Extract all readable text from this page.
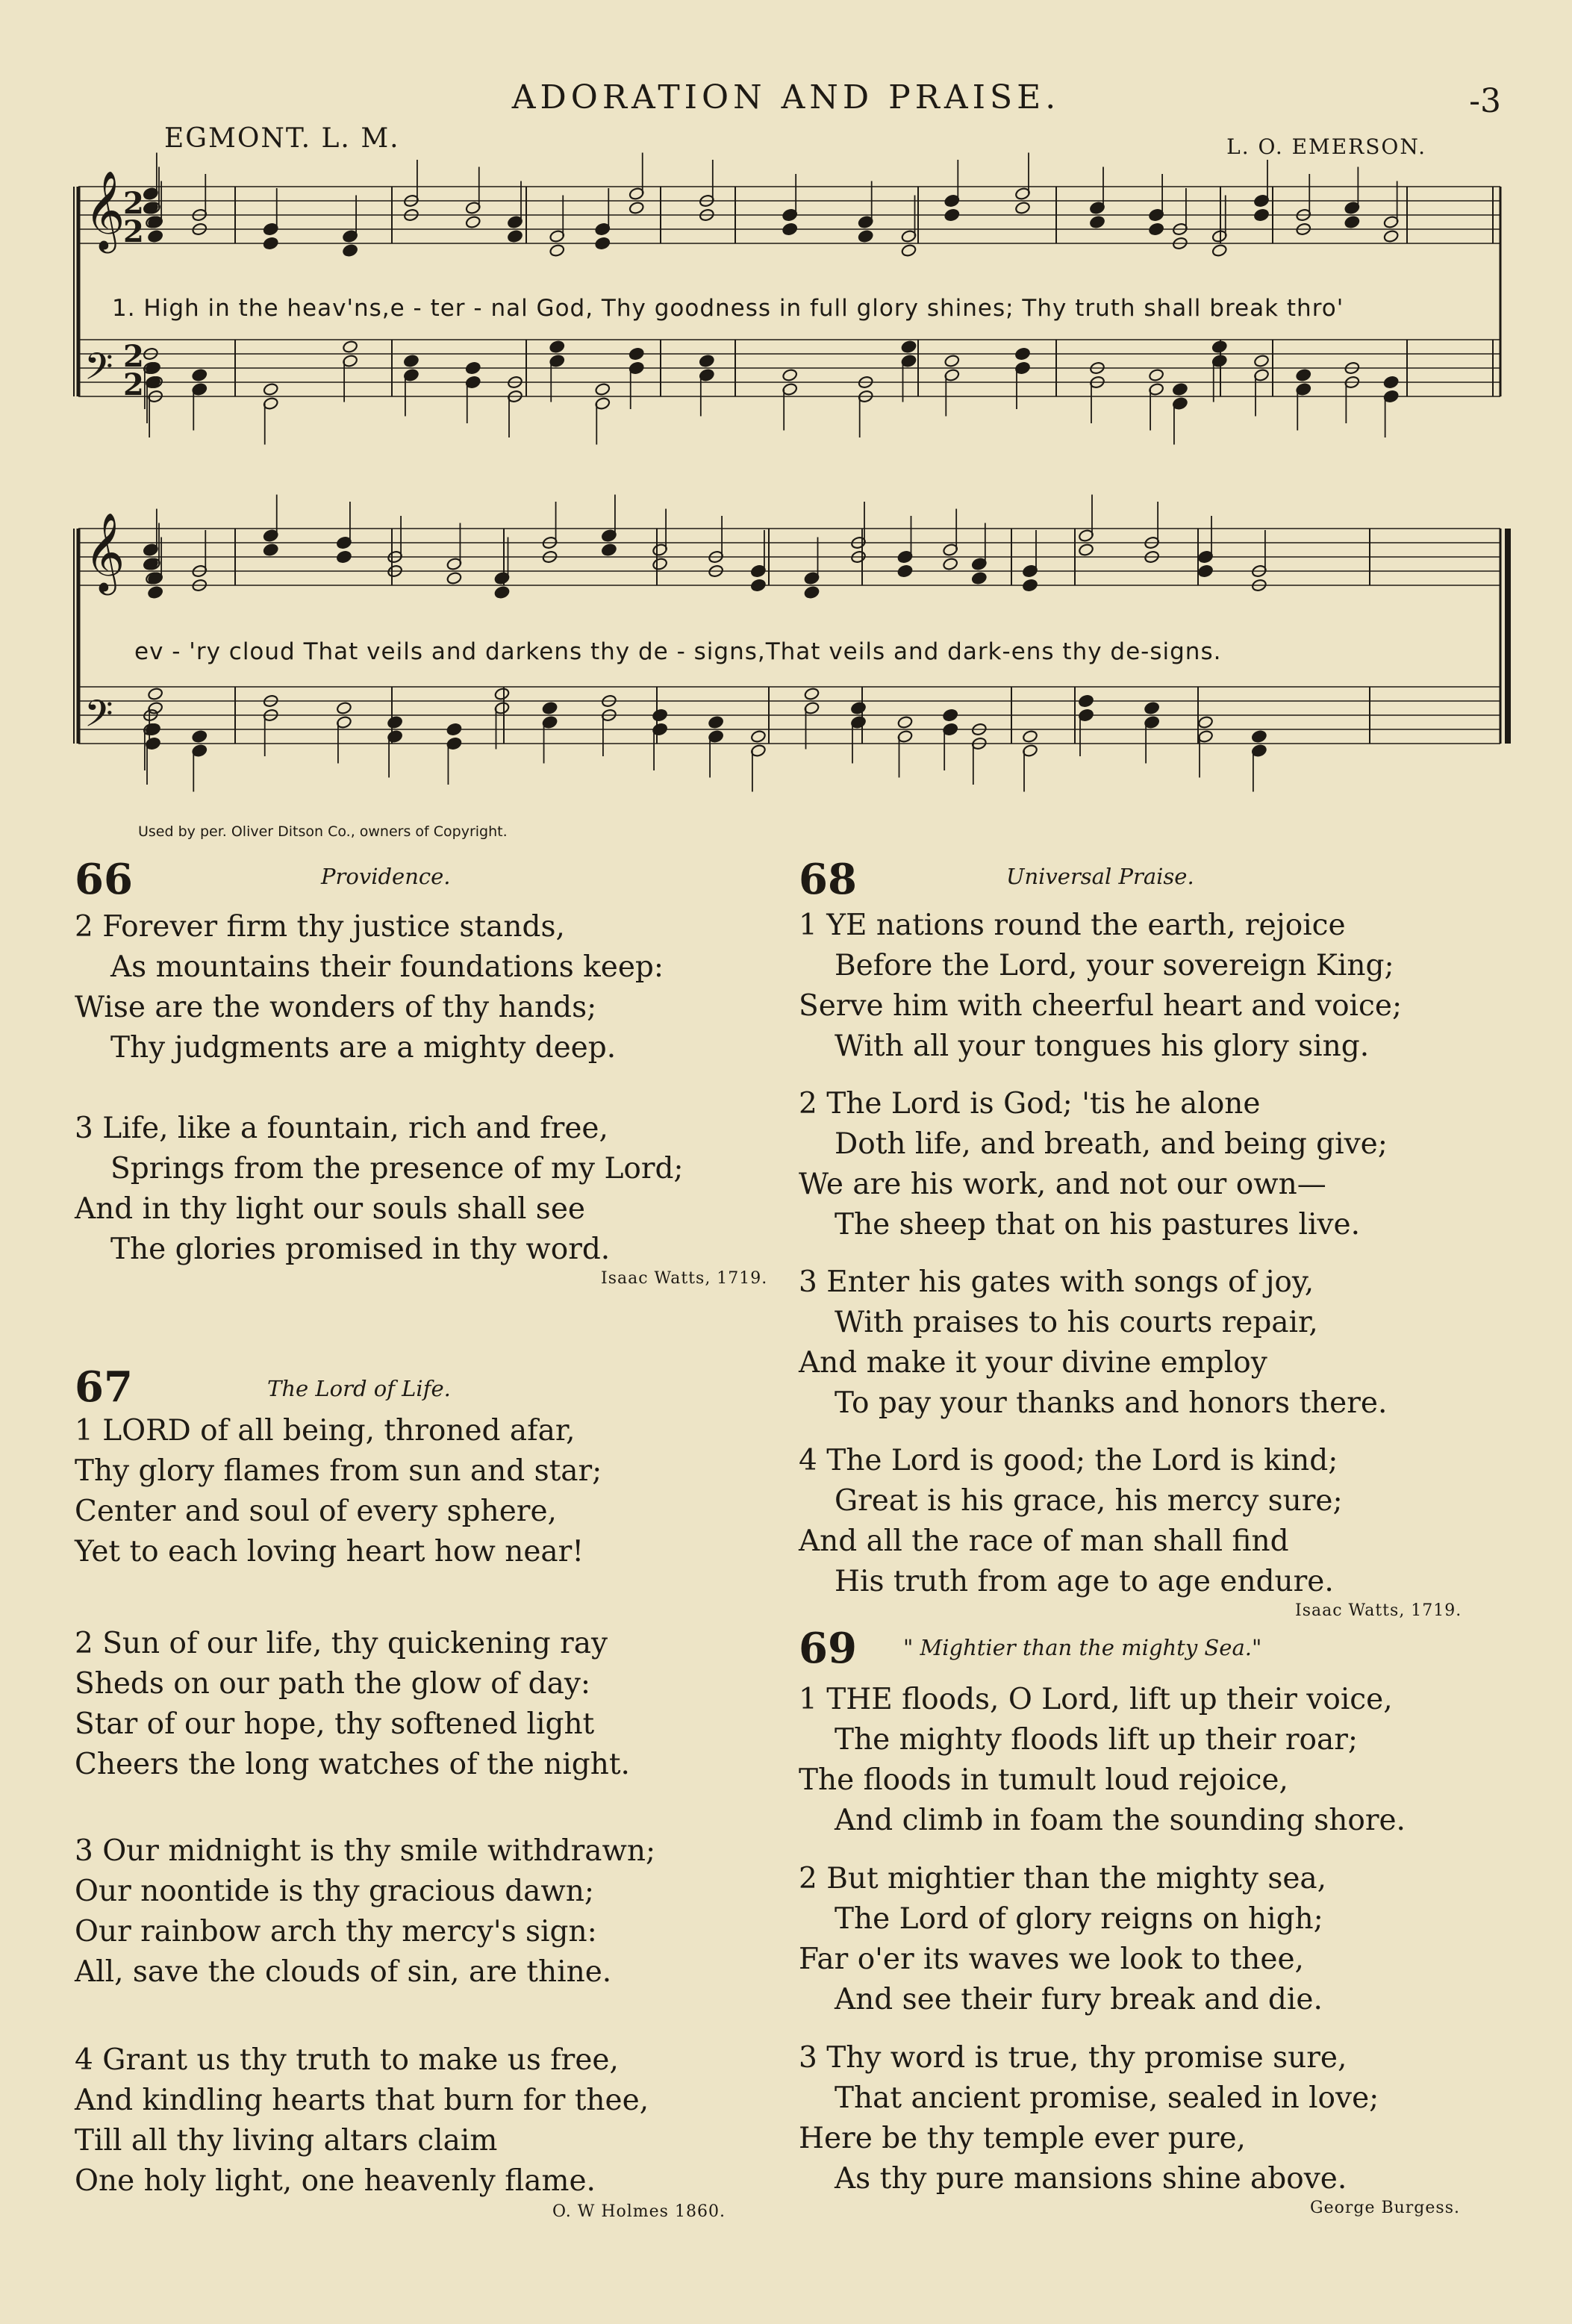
ADORATION AND PRAISE.	-3
EGMONT. L. M.	L. O. EMERSON.
𝄞
𝄢
𝄞
𝄢
2
2
2
2
1. High in the heav'ns,e - ter - nal God, Thy goodness in full glory shines; Thy truth shall break thro'
ev - 'ry cloud That veils and darkens thy de - signs,That veils and dark-ens thy de-signs.
Used by per. Oliver Ditson Co., owners of Copyright.
66	Providence.
2 Forever firm thy justice stands,
As mountains their foundations keep:
Wise are the wonders of thy hands;
Thy judgments are a mighty deep.
3 Life, like a fountain, rich and free,
Springs from the presence of my Lord;
And in thy light our souls shall see
The glories promised in thy word.
Isaac Watts, 1719.
67	The Lord of Life.
1 LORD of all being, throned afar,
Thy glory flames from sun and star;
Center and soul of every sphere,
Yet to each loving heart how near!
2 Sun of our life, thy quickening ray
Sheds on our path the glow of day:
Star of our hope, thy softened light
Cheers the long watches of the night.
3 Our midnight is thy smile withdrawn;
Our noontide is thy gracious dawn;
Our rainbow arch thy mercy's sign:
All, save the clouds of sin, are thine.
4 Grant us thy truth to make us free,
And kindling hearts that burn for thee,
Till all thy living altars claim
One holy light, one heavenly flame.
O. W Holmes 1860.
68	Universal Praise.
1 YE nations round the earth, rejoice
Before the Lord, your sovereign King;
Serve him with cheerful heart and voice;
With all your tongues his glory sing.
2 The Lord is God; 'tis he alone
Doth life, and breath, and being give;
We are his work, and not our own—
The sheep that on his pastures live.
3 Enter his gates with songs of joy,
With praises to his courts repair,
And make it your divine employ
To pay your thanks and honors there.
4 The Lord is good; the Lord is kind;
Great is his grace, his mercy sure;
And all the race of man shall find
His truth from age to age endure.
Isaac Watts, 1719.
69 " Mightier than the mighty Sea."
1 THE floods, O Lord, lift up their voice,
The mighty floods lift up their roar;
The floods in tumult loud rejoice,
And climb in foam the sounding shore.
2 But mightier than the mighty sea,
The Lord of glory reigns on high;
Far o'er its waves we look to thee,
And see their fury break and die.
3 Thy word is true, thy promise sure,
That ancient promise, sealed in love;
Here be thy temple ever pure,
As thy pure mansions shine above.
George Burgess.
